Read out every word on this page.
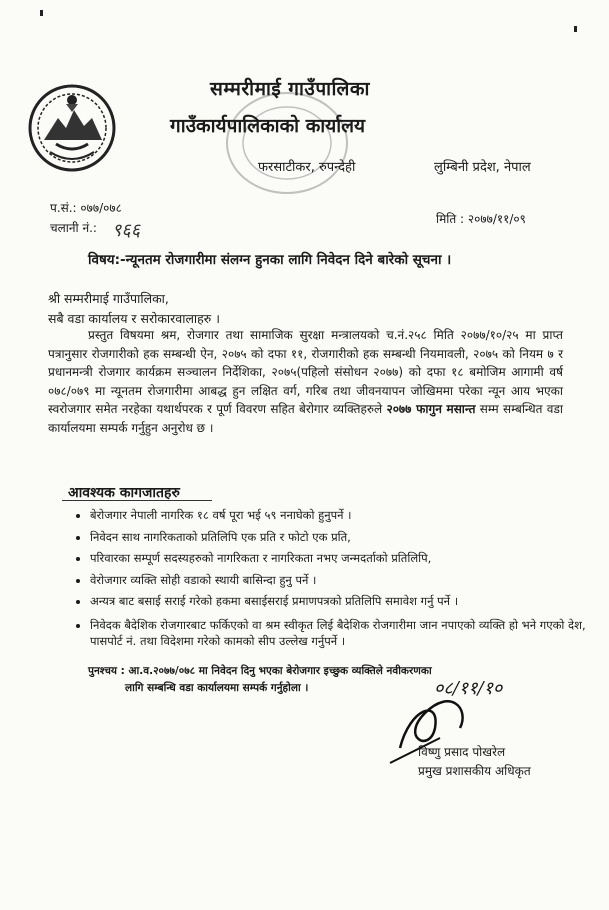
सम्मरीमाई गाउँपालिका
गाउँकार्यपालिकाको कार्यालय
फरसाटीकर, रुपन्देही	लुम्बिनी प्रदेश, नेपाल
प.सं.: ०७७/०७८
चलानी नं.: ९६६
मिति : २०७७/११/०९
विषय:-न्यूनतम रोजगारीमा संलग्न हुनका लागि निवेदन दिने बारेको सूचना ।
श्री सम्मरीमाई गाउँपालिका,
सबै वडा कार्यालय र सरोकारवालाहरु ।
प्रस्तुत विषयमा श्रम, रोजगार तथा सामाजिक सुरक्षा मन्त्रालयको च.नं.२५८ मिति २०७७/१०/२५ मा प्राप्त पत्रानुसार रोजगारीको हक सम्बन्धी ऐन, २०७५ को दफा ११, रोजगारीको हक सम्बन्धी नियमावली, २०७५ को नियम ७ र प्रधानमन्त्री रोजगार कार्यक्रम सञ्चालन निर्देशिका, २०७५(पहिलो संसोधन २०७७) को दफा १८ बमोजिम आगामी वर्ष ०७८/०७९ मा न्यूनतम रोजगारीमा आबद्ध हुन लक्षित वर्ग, गरिब तथा जीवनयापन जोखिममा परेका न्यून आय भएका स्वरोजगार समेत नरहेका यथार्थपरक र पूर्ण विवरण सहित बेरोगार व्यक्तिहरुले २०७७ फागुन मसान्त सम्म सम्बन्धित वडा कार्यालयमा सम्पर्क गर्नुहुन अनुरोध छ ।
आवश्यक कागजातहरु
• बेरोजगार नेपाली नागरिक १८ वर्ष पूरा भई ५९ ननाघेको हुनुपर्ने ।
• निवेदन साथ नागरिकताको प्रतिलिपि एक प्रति र फोटो एक प्रति,
• परिवारका सम्पूर्ण सदस्यहरुको नागरिकता र नागरिकता नभए जन्मदर्ताको प्रतिलिपि,
• वेरोजगार व्यक्ति सोही वडाको स्थायी बासिन्दा हुनु पर्ने ।
• अन्यत्र बाट बसाई सराई गरेको हकमा बसाईसराई प्रमाणपत्रको प्रतिलिपि समावेश गर्नु पर्ने ।
• निवेदक बैदेशिक रोजगारबाट फर्किएको वा श्रम स्वीकृत लिई बैदेशिक रोजगारीमा जान नपाएको व्यक्ति हो भने गएको देश, पासपोर्ट नं. तथा विदेशमा गरेको कामको सीप उल्लेख गर्नुपर्ने ।
पुनश्चय : आ.व.२०७७/०७८ मा निवेदन दिनु भएका बेरोजगार इच्छुक व्यक्तिले नवीकरणका
लागि सम्बन्धि वडा कार्यालयमा सम्पर्क गर्नुहोला ।	०८/११/१०
विष्णु प्रसाद पोखरेल
प्रमुख प्रशासकीय अधिकृत
